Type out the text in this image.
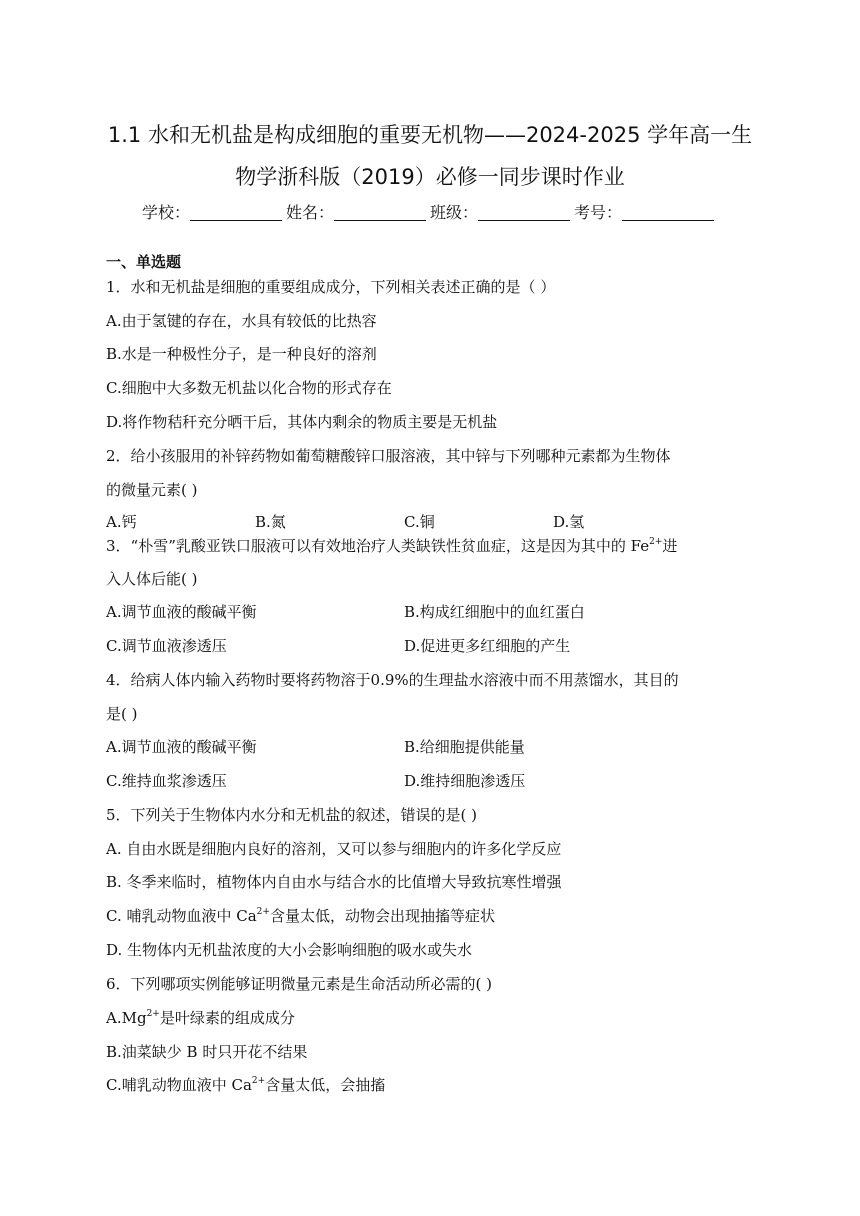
1.1 水和无机盐是构成细胞的重要无机物——2024-2025 学年高一生
物学浙科版（2019）必修一同步课时作业
学校：	姓名：	班级：	考号：
一、单选题
1．水和无机盐是细胞的重要组成成分，下列相关表述正确的是（ ）
A.由于氢键的存在，水具有较低的比热容
B.水是一种极性分子，是一种良好的溶剂
C.细胞中大多数无机盐以化合物的形式存在
D.将作物秸秆充分晒干后，其体内剩余的物质主要是无机盐
2．给小孩服用的补锌药物如葡萄糖酸锌口服溶液，其中锌与下列哪种元素都为生物体
的微量元素( )
A.钙	B.氮	C.铜	D.氢
3．“朴雪”乳酸亚铁口服液可以有效地治疗人类缺铁性贫血症，这是因为其中的 $Fe^{2+}$进
入人体后能( )
A.调节血液的酸碱平衡	B.构成红细胞中的血红蛋白
C.调节血液渗透压	D.促进更多红细胞的产生
4．给病人体内输入药物时要将药物溶于0.9%的生理盐水溶液中而不用蒸馏水，其目的
是( )
A.调节血液的酸碱平衡	B.给细胞提供能量
C.维持血浆渗透压	D.维持细胞渗透压
5．下列关于生物体内水分和无机盐的叙述，错误的是( )
A. 自由水既是细胞内良好的溶剂，又可以参与细胞内的许多化学反应
B. 冬季来临时，植物体内自由水与结合水的比值增大导致抗寒性增强
C. 哺乳动物血液中 $Ca^{2+}$含量太低，动物会出现抽搐等症状
D. 生物体内无机盐浓度的大小会影响细胞的吸水或失水
6．下列哪项实例能够证明微量元素是生命活动所必需的( )
$A.Mg^{2+}$是叶绿素的组成成分
B.油菜缺少 B 时只开花不结果
C.哺乳动物血液中 $Ca^{2+}$含量太低，会抽搐
